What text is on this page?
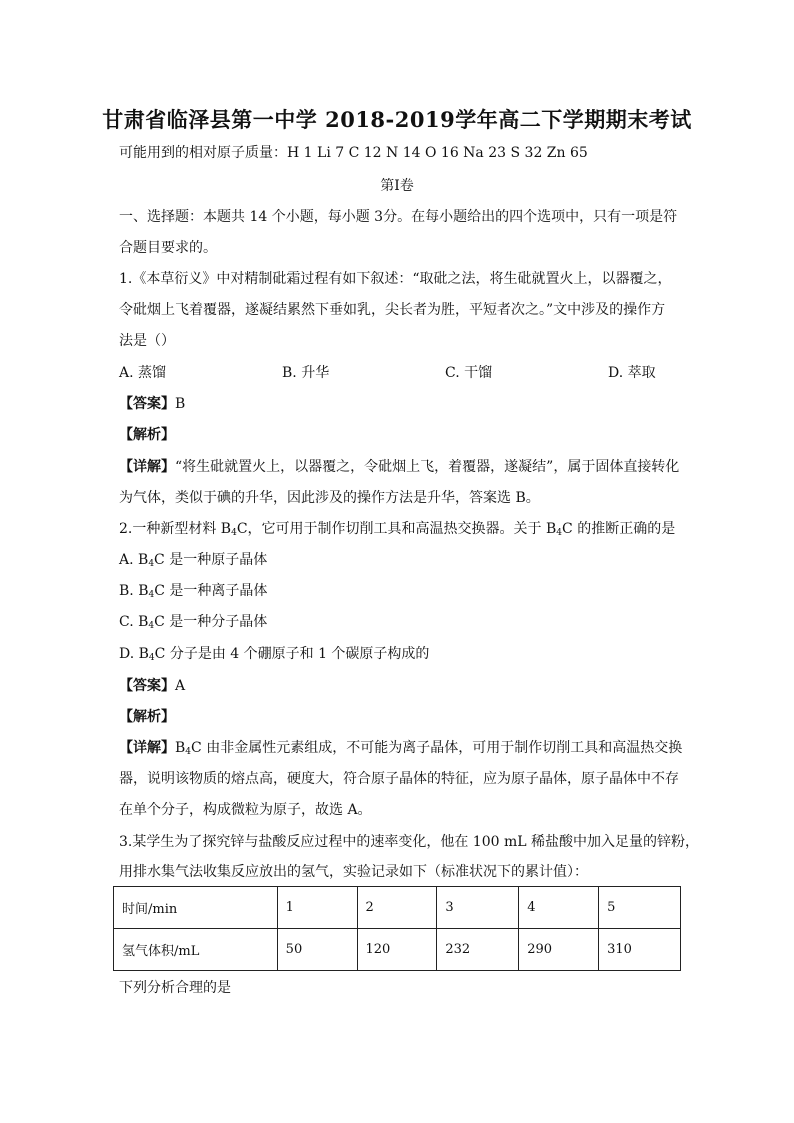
甘肃省临泽县第一中学 2018-2019学年高二下学期期末考试
可能用到的相对原子质量：H 1 Li 7 C 12 N 14 O 16 Na 23 S 32 Zn 65
第Ⅰ卷
一、选择题：本题共 14 个小题，每小题 3分。在每小题给出的四个选项中，只有一项是符
合题目要求的。
1.《本草衍义》中对精制砒霜过程有如下叙述：“取砒之法，将生砒就置火上，以器覆之，
令砒烟上飞着覆器，遂凝结累然下垂如乳，尖长者为胜，平短者次之。”文中涉及的操作方
法是（）
A. 蒸馏	B. 升华	C. 干馏	D. 萃取
【答案】B
【解析】
【详解】“将生砒就置火上，以器覆之，令砒烟上飞，着覆器，遂凝结”，属于固体直接转化
为气体，类似于碘的升华，因此涉及的操作方法是升华，答案选 B。
2.一种新型材料 $B_4C$，它可用于制作切削工具和高温热交换器。关于 $B_4C$ 的推断正确的是
A. $B_4C$ 是一种原子晶体
B. $B_4C$ 是一种离子晶体
C. $B_4C$ 是一种分子晶体
D. $B_4C$ 分子是由 4 个硼原子和 1 个碳原子构成的
【答案】A
【解析】
【详解】$B_4C$ 由非金属性元素组成，不可能为离子晶体，可用于制作切削工具和高温热交换
器，说明该物质的熔点高，硬度大，符合原子晶体的特征，应为原子晶体，原子晶体中不存
在单个分子，构成微粒为原子，故选 A。
3.某学生为了探究锌与盐酸反应过程中的速率变化，他在 100 mL 稀盐酸中加入足量的锌粉，
用排水集气法收集反应放出的氢气，实验记录如下（标准状况下的累计值）：
时间/min	1	2	3	4	5
氢气体积/mL	50	120	232	290	310
下列分析合理的是
